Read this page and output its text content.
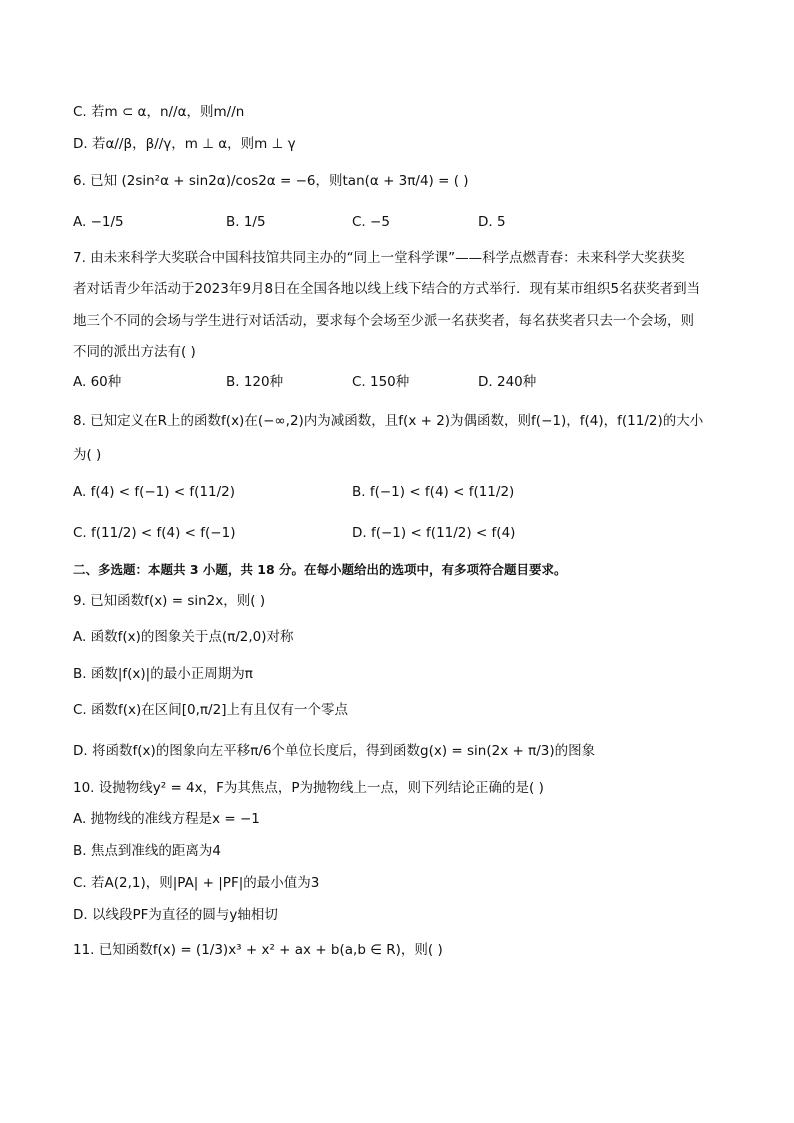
C. 若m ⊂ α，n//α，则m//n
D. 若α//β，β//γ，m ⊥ α，则m ⊥ γ
6. 已知 (2sin²α + sin2α)/cos2α = −6，则tan(α + 3π/4) = ( )
A. −1/5	B. 1/5	C. −5	D. 5
7. 由未来科学大奖联合中国科技馆共同主办的“同上一堂科学课”——科学点燃青春：未来科学大奖获奖
者对话青少年活动于2023年9月8日在全国各地以线上线下结合的方式举行．现有某市组织5名获奖者到当
地三个不同的会场与学生进行对话活动，要求每个会场至少派一名获奖者，每名获奖者只去一个会场，则
不同的派出方法有( )
A. 60种	B. 120种	C. 150种	D. 240种
8. 已知定义在R上的函数f(x)在(−∞,2)内为减函数，且f(x + 2)为偶函数，则f(−1)，f(4)，f(11/2)的大小
为( )
A. f(4) < f(−1) < f(11/2)	B. f(−1) < f(4) < f(11/2)
C. f(11/2) < f(4) < f(−1)	D. f(−1) < f(11/2) < f(4)
二、多选题：本题共 3 小题，共 18 分。在每小题给出的选项中，有多项符合题目要求。
9. 已知函数f(x) = sin2x，则( )
A. 函数f(x)的图象关于点(π/2,0)对称
B. 函数|f(x)|的最小正周期为π
C. 函数f(x)在区间[0,π/2]上有且仅有一个零点
D. 将函数f(x)的图象向左平移π/6个单位长度后，得到函数g(x) = sin(2x + π/3)的图象
10. 设抛物线y² = 4x，F为其焦点，P为抛物线上一点，则下列结论正确的是( )
A. 抛物线的准线方程是x = −1
B. 焦点到准线的距离为4
C. 若A(2,1)，则|PA| + |PF|的最小值为3
D. 以线段PF为直径的圆与y轴相切
11. 已知函数f(x) = (1/3)x³ + x² + ax + b(a,b ∈ R)，则( )
